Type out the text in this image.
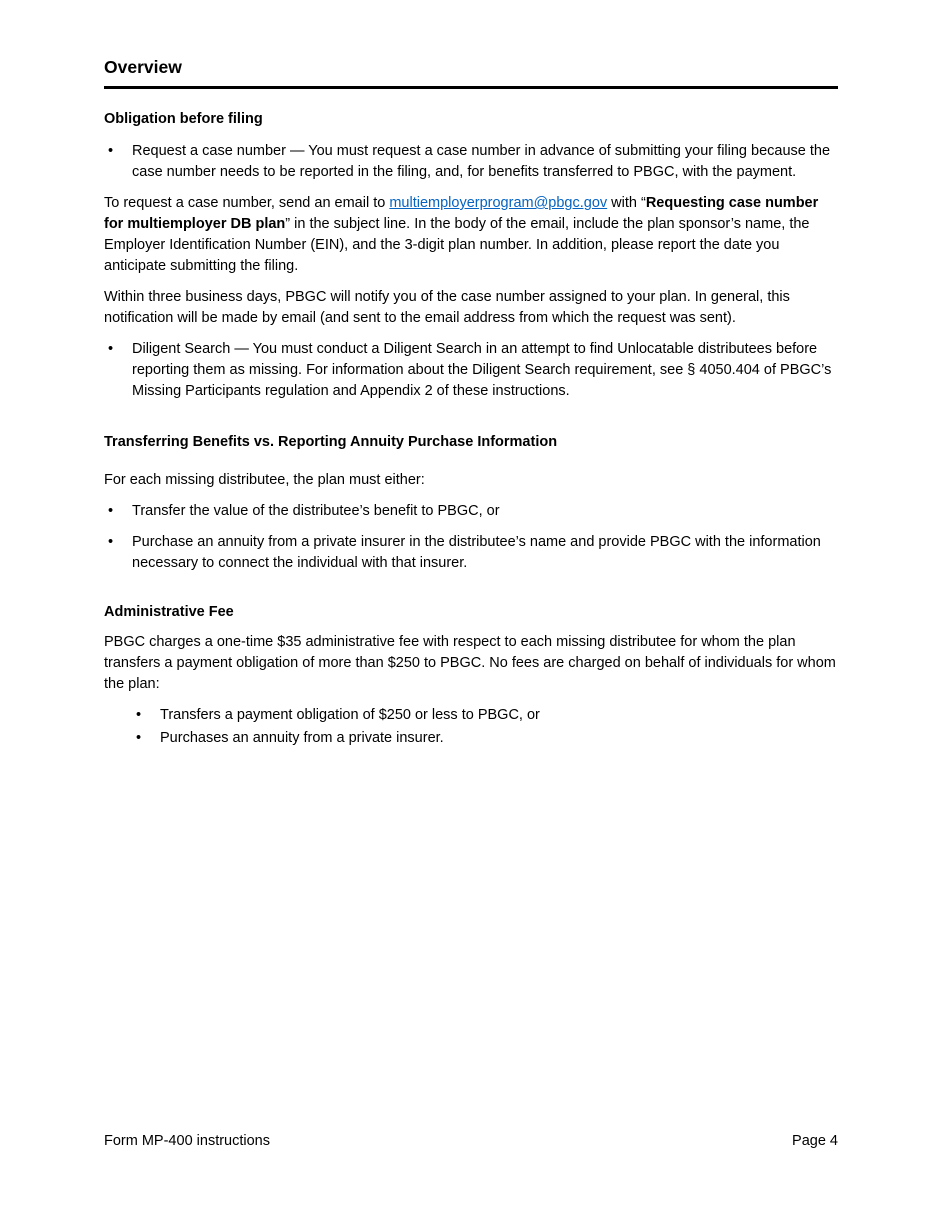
Overview
Obligation before filing
•	Request a case number — You must request a case number in advance of submitting your filing because the case number needs to be reported in the filing, and, for benefits transferred to PBGC, with the payment.

To request a case number, send an email to multiemployerprogram@pbgc.gov with “Requesting case number for multiemployer DB plan” in the subject line. In the body of the email, include the plan sponsor’s name, the Employer Identification Number (EIN), and the 3-digit plan number. In addition, please report the date you anticipate submitting the filing.

Within three business days, PBGC will notify you of the case number assigned to your plan. In general, this notification will be made by email (and sent to the email address from which the request was sent).

•	Diligent Search — You must conduct a Diligent Search in an attempt to find Unlocatable distributees before reporting them as missing. For information about the Diligent Search requirement, see § 4050.404 of PBGC’s Missing Participants regulation and Appendix 2 of these instructions.
Transferring Benefits vs. Reporting Annuity Purchase Information

For each missing distributee, the plan must either:

•	Transfer the value of the distributee’s benefit to PBGC, or
•	Purchase an annuity from a private insurer in the distributee’s name and provide PBGC with the information necessary to connect the individual with that insurer.
Administrative Fee

PBGC charges a one-time $35 administrative fee with respect to each missing distributee for whom the plan transfers a payment obligation of more than $250 to PBGC. No fees are charged on behalf of individuals for whom the plan:

•	Transfers a payment obligation of $250 or less to PBGC, or
•	Purchases an annuity from a private insurer.
Form MP-400 instructions	Page 4
